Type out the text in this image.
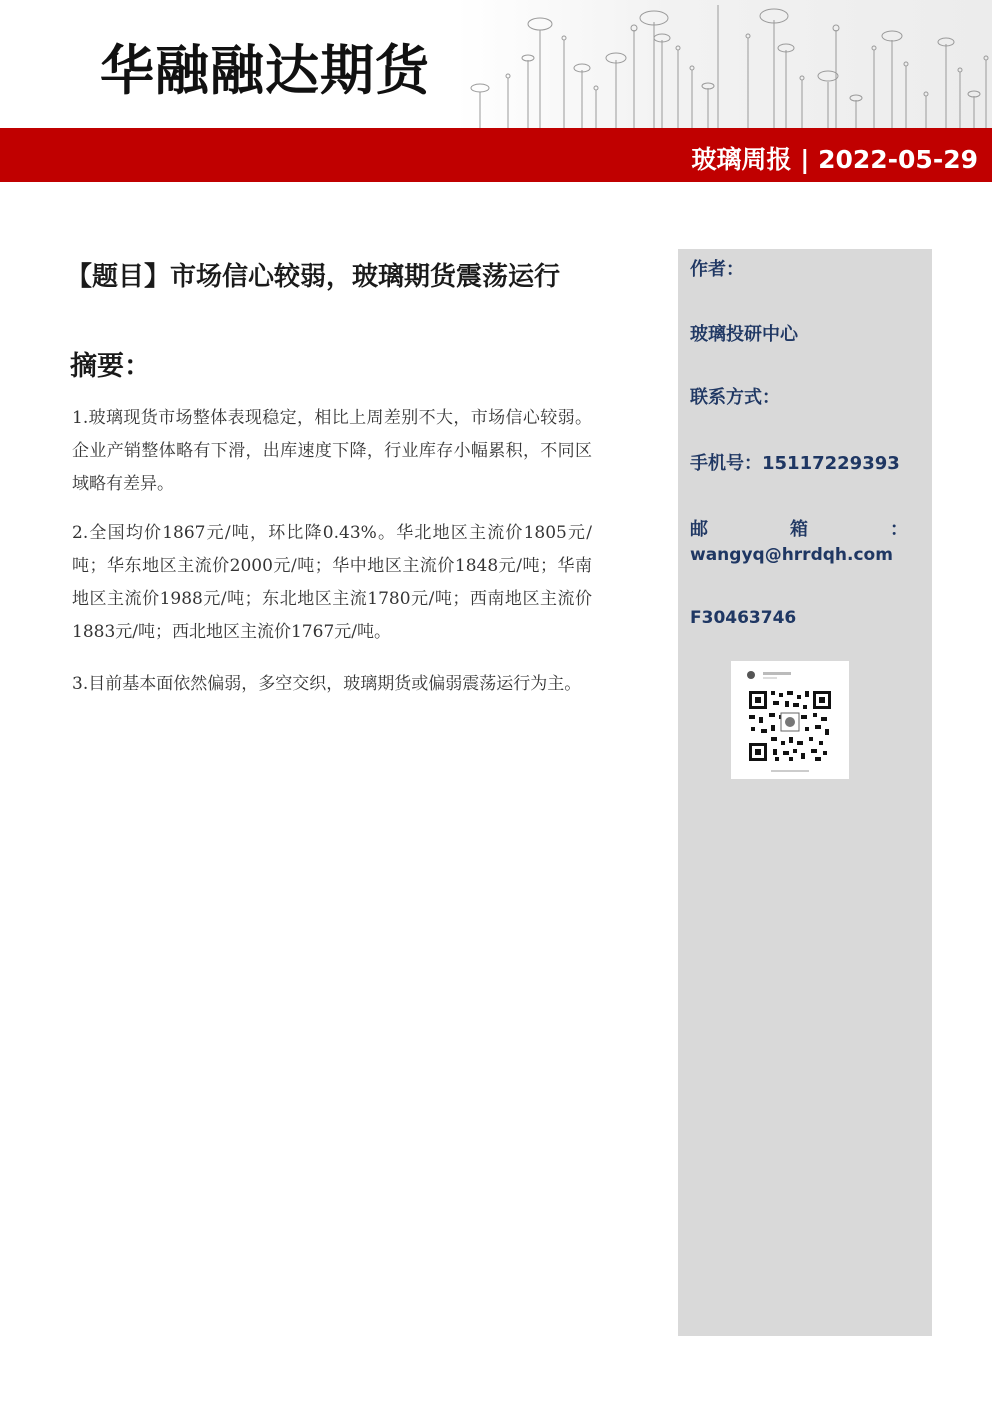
华融融达期货
玻璃周报 | 2022-05-29
【题目】市场信心较弱，玻璃期货震荡运行
摘要：
1.玻璃现货市场整体表现稳定，相比上周差别不大，市场信心较弱。企业产销整体略有下滑，出库速度下降，行业库存小幅累积，不同区域略有差异。
2.全国均价1867元/吨，环比降0.43%。华北地区主流价1805元/吨；华东地区主流价2000元/吨；华中地区主流价1848元/吨；华南地区主流价1988元/吨；东北地区主流1780元/吨；西南地区主流价1883元/吨；西北地区主流价1767元/吨。
3.目前基本面依然偏弱，多空交织，玻璃期货或偏弱震荡运行为主。
作者：
玻璃投研中心
联系方式：
手机号：15117229393
邮	箱	：
wangyq@hrrdqh.com
F30463746
